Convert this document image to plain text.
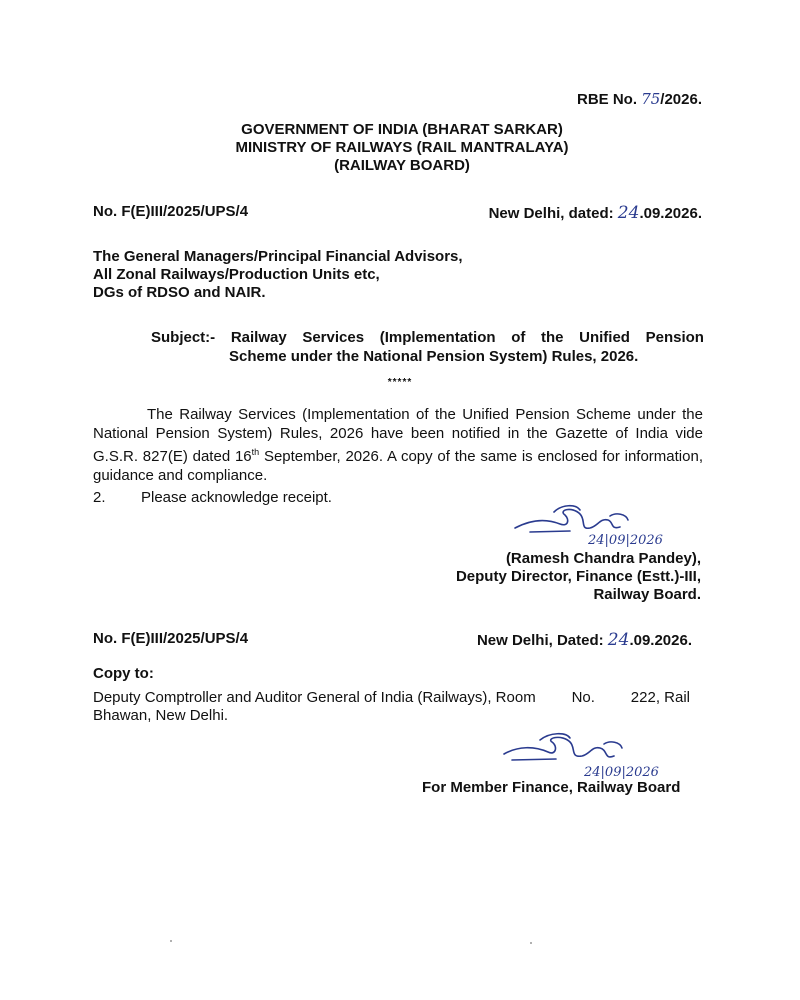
RBE No. 75/2026.
GOVERNMENT OF INDIA (BHARAT SARKAR)
MINISTRY OF RAILWAYS (RAIL MANTRALAYA)
(RAILWAY BOARD)
No. F(E)III/2025/UPS/4	New Delhi, dated: 24.09.2026.
The General Managers/Principal Financial Advisors,
All Zonal Railways/Production Units etc,
DGs of RDSO and NAIR.
Subject:- Railway Services (Implementation of the Unified Pension
Scheme under the National Pension System) Rules, 2026.
*****
The Railway Services (Implementation of the Unified Pension Scheme under the National Pension System) Rules, 2026 have been notified in the Gazette of India vide G.S.R. 827(E) dated 16th September, 2026. A copy of the same is enclosed for information, guidance and compliance.
2. Please acknowledge receipt.
24|09|2026
(Ramesh Chandra Pandey),
Deputy Director, Finance (Estt.)-III,
Railway Board.
No. F(E)III/2025/UPS/4	New Delhi, Dated: 24.09.2026.
Copy to:
Deputy Comptroller and Auditor General of India (Railways), Room No. 222, Rail
Bhawan, New Delhi.
24|09|2026
For Member Finance, Railway Board
